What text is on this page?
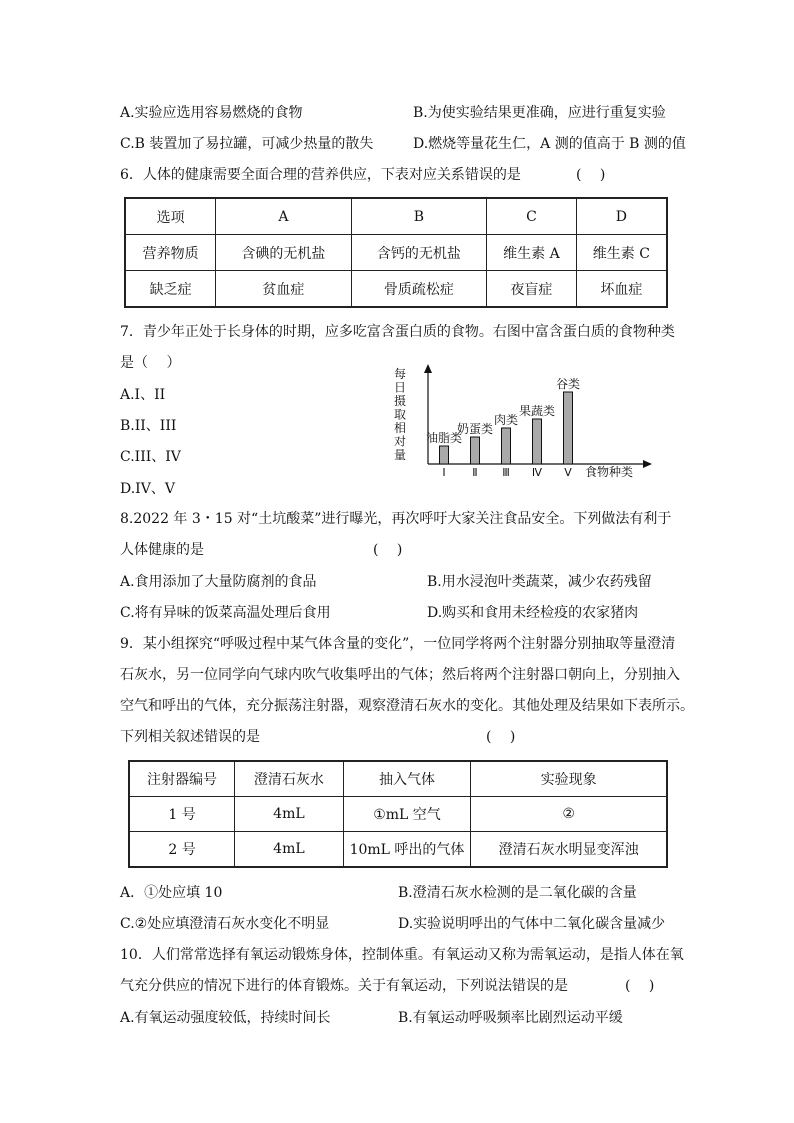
A.实验应选用容易燃烧的食物	B.为使实验结果更准确，应进行重复实验
C.B 装置加了易拉罐，可减少热量的散失	D.燃烧等量花生仁，A 测的值高于 B 测的值
6．人体的健康需要全面合理的营养供应，下表对应关系错误的是	(　 )
选项	A	B	C	D
营养物质	含碘的无机盐	含钙的无机盐	维生素 A	维生素 C
缺乏症	贫血症	骨质疏松症	夜盲症	坏血症
7．青少年正处于长身体的时期，应多吃富含蛋白质的食物。右图中富含蛋白质的食物种类
是（　 ）
A.I、II
B.II、III
C.III、IV
D.IV、V
每
日
摄
取
相
对
量
食物种类
油脂类
Ⅰ
奶蛋类
Ⅱ
肉类
Ⅲ
果蔬类
Ⅳ
谷类
Ⅴ
8.2022 年 3・15 对“土坑酸菜”进行曝光，再次呼吁大家关注食品安全。下列做法有利于
人体健康的是	(　 )
A.食用添加了大量防腐剂的食品	B.用水浸泡叶类蔬菜，减少农药残留
C.将有异味的饭菜高温处理后食用	D.购买和食用未经检疫的农家猪肉
9．某小组探究“呼吸过程中某气体含量的变化”，一位同学将两个注射器分别抽取等量澄清
石灰水，另一位同学向气球内吹气收集呼出的气体；然后将两个注射器口朝向上，分别抽入
空气和呼出的气体，充分振荡注射器，观察澄清石灰水的变化。其他处理及结果如下表所示。
下列相关叙述错误的是	(　 )
注射器编号	澄清石灰水	抽入气体	实验现象
1 号	4mL	①mL 空气	②
2 号	4mL	10mL 呼出的气体	澄清石灰水明显变浑浊
A．①处应填 10	B.澄清石灰水检测的是二氧化碳的含量
C.②处应填澄清石灰水变化不明显	D.实验说明呼出的气体中二氧化碳含量减少
10．人们常常选择有氧运动锻炼身体，控制体重。有氧运动又称为需氧运动，是指人体在氧
气充分供应的情况下进行的体育锻炼。关于有氧运动，下列说法错误的是	(　 )
A.有氧运动强度较低，持续时间长	B.有氧运动呼吸频率比剧烈运动平缓
